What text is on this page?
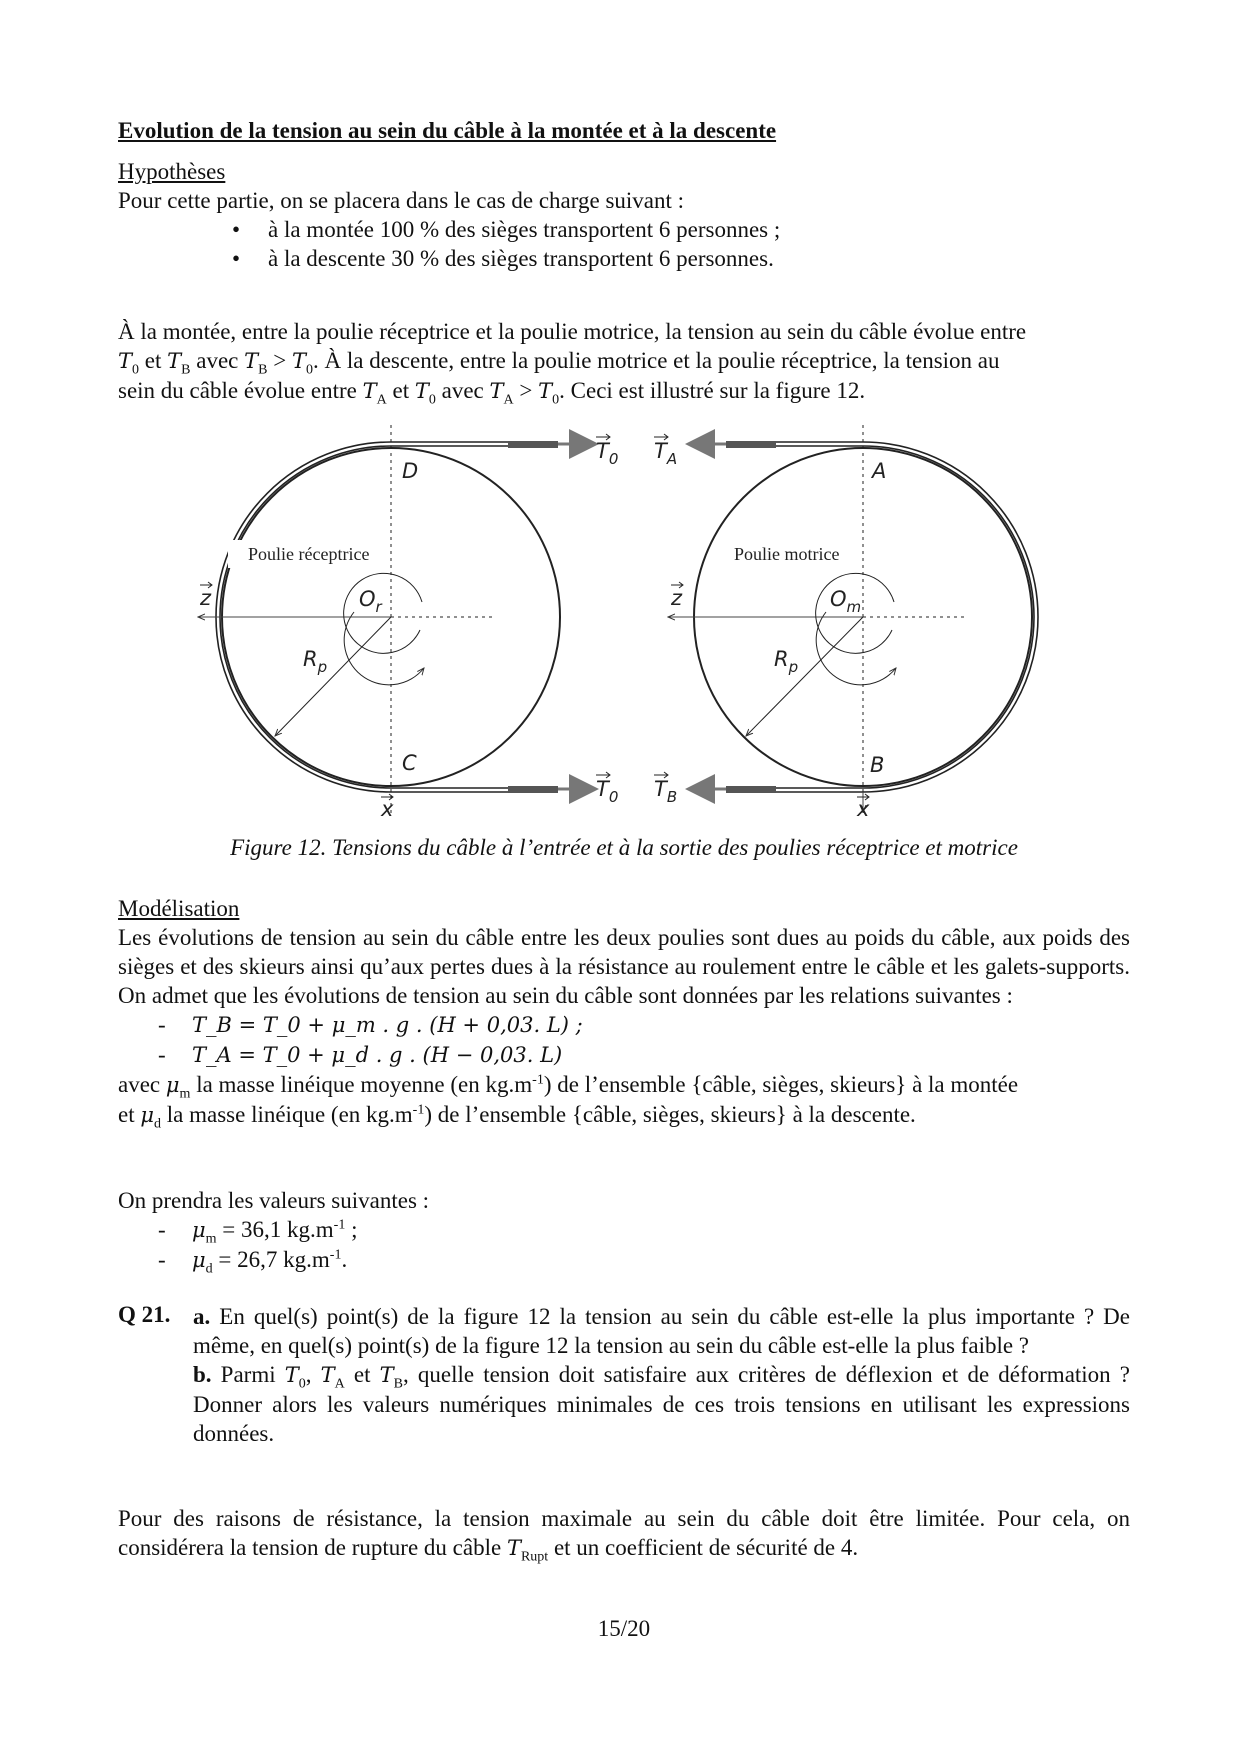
Evolution de la tension au sein du câble à la montée et à la descente

Hypothèses

Pour cette partie, on se placera dans le cas de charge suivant :

• à la montée 100 % des sièges transportent 6 personnes ;
• à la descente 30 % des sièges transportent 6 personnes.

À la montée, entre la poulie réceptrice et la poulie motrice, la tension au sein du câble évolue entre

$T_0$ et $T_B$ avec $T_B > T_0$. À la descente, entre la poulie motrice et la poulie réceptrice, la tension au

sein du câble évolue entre $T_A$ et $T_0$ avec $T_A > T_0$. Ceci est illustré sur la figure 12.

D
C
A
B
$O_r$	$O_m$
$R_p$	$R_p$
z	z
x	x
$T_0$
$T_0$
$T_A$
$T_B$
Poulie réceptrice	Poulie motrice
Figure 12. Tensions du câble à l’entrée et à la sortie des poulies réceptrice et motrice

Modélisation

Les évolutions de tension au sein du câble entre les deux poulies sont dues au poids du câble, aux poids des sièges et des skieurs ainsi qu’aux pertes dues à la résistance au roulement entre le câble et les galets-supports. On admet que les évolutions de tension au sein du câble sont données par les relations suivantes :

- T_B = T_0 + μ_m . g . (H + 0,03. L) ;
- T_A = T_0 + μ_d . g . (H − 0,03. L)

avec $\mu_m$ la masse linéique moyenne (en $kg.m^{-1}$) de l’ensemble {câble, sièges, skieurs} à la montée

et $\mu_d$ la masse linéique (en $kg.m^{-1}$) de l’ensemble {câble, sièges, skieurs} à la descente.

On prendra les valeurs suivantes :

- $\mu_m = 36,1$ $kg.m^{-1}$ ;
- $\mu_d = 26,7$ $kg.m^{-1}$.
Q 21. a. En quel(s) point(s) de la figure 12 la tension au sein du câble est-elle la plus importante ? De même, en quel(s) point(s) de la figure 12 la tension au sein du câble est-elle la plus faible ?

b. Parmi $T_0$, $T_A$ et $T_B$, quelle tension doit satisfaire aux critères de déflexion et de déformation ? Donner alors les valeurs numériques minimales de ces trois tensions en utilisant les expressions données.

Pour des raisons de résistance, la tension maximale au sein du câble doit être limitée. Pour cela, on considérera la tension de rupture du câble $T_{Rupt}$ et un coefficient de sécurité de 4.

15/20
